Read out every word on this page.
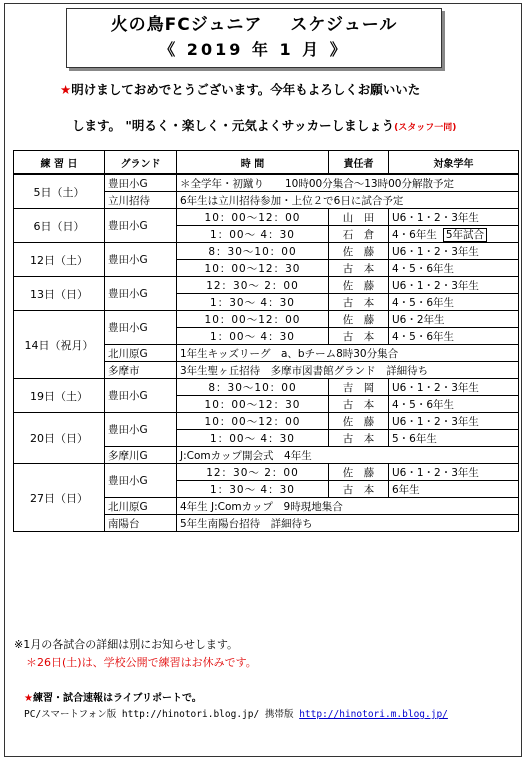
火の鳥FCジュニア スケジュール
《 2019 年 1 月 》
★明けましておめでとうございます。今年もよろしくお願いいた
します。 "明るく・楽しく・元気よくサッカーしましょう(スタッフ一同)
練 習 日	グランド	時 間	責任者	対象学年
5日（土）	豊田小G	＊全学年・初蹴り　　10時00分集合～13時00分解散予定		
	立川招待	6年生は立川招待参加・上位２で6日に試合予定		
6日（日）	豊田小G	10：00～12：00	山　田	U6・1・2・3年生
		1：00～ 4：30	石　倉	4・6年生 5年試合
12日（土）	豊田小G	8：30～10：00	佐　藤	U6・1・2・3年生
		10：00～12：30	古　本	4・5・6年生
13日（日）	豊田小G	12：30～ 2：00	佐　藤	U6・1・2・3年生
		1：30～ 4：30	古　本	4・5・6年生
14日（祝月）	豊田小G	10：00～12：00	佐　藤	U6・2年生
		1：00～ 4：30	古　本	4・5・6年生
	北川原G	1年生キッズリーグ　a、bチーム8時30分集合		
	多摩市	3年生聖ヶ丘招待　多摩市図書館グランド　詳細待ち		
19日（土）	豊田小G	8：30～10：00	吉　岡	U6・1・2・3年生
		10：00～12：30	古　本	4・5・6年生
20日（日）	豊田小G	10：00～12：00	佐　藤	U6・1・2・3年生
		1：00～ 4：30	古　本	5・6年生
	多摩川G	J:Comカップ開会式　4年生		
27日（日）	豊田小G	12：30～ 2：00	佐　藤	U6・1・2・3年生
		1：30～ 4：30	古　本	6年生
	北川原G	4年生 J:Comカップ　9時現地集合		
	南陽台	5年生南陽台招待　詳細待ち		
※1月の各試合の詳細は別にお知らせします。
＊26日(土)は、学校公開で練習はお休みです。
★練習・試合速報はライブリポートで。
PC/スマートフォン版 http://hinotori.blog.jp/ 携帯版 http://hinotori.m.blog.jp/
